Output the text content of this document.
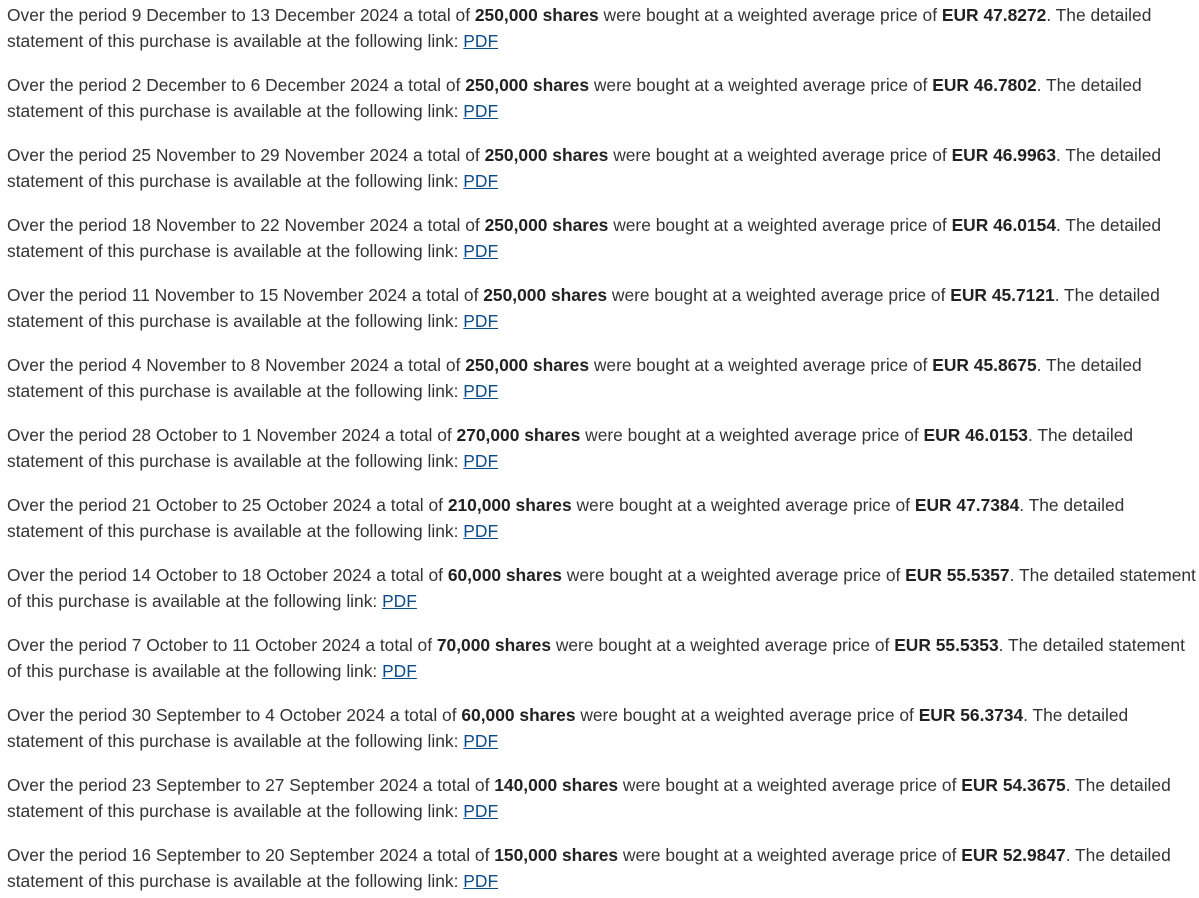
Over the period 9 December to 13 December 2024 a total of 250,000 shares were bought at a weighted average price of EUR 47.8272. The detailed statement of this purchase is available at the following link: PDF

Over the period 2 December to 6 December 2024 a total of 250,000 shares were bought at a weighted average price of EUR 46.7802. The detailed statement of this purchase is available at the following link: PDF

Over the period 25 November to 29 November 2024 a total of 250,000 shares were bought at a weighted average price of EUR 46.9963. The detailed statement of this purchase is available at the following link: PDF

Over the period 18 November to 22 November 2024 a total of 250,000 shares were bought at a weighted average price of EUR 46.0154. The detailed statement of this purchase is available at the following link: PDF

Over the period 11 November to 15 November 2024 a total of 250,000 shares were bought at a weighted average price of EUR 45.7121. The detailed statement of this purchase is available at the following link: PDF

Over the period 4 November to 8 November 2024 a total of 250,000 shares were bought at a weighted average price of EUR 45.8675. The detailed statement of this purchase is available at the following link: PDF

Over the period 28 October to 1 November 2024 a total of 270,000 shares were bought at a weighted average price of EUR 46.0153. The detailed statement of this purchase is available at the following link: PDF

Over the period 21 October to 25 October 2024 a total of 210,000 shares were bought at a weighted average price of EUR 47.7384. The detailed statement of this purchase is available at the following link: PDF

Over the period 14 October to 18 October 2024 a total of 60,000 shares were bought at a weighted average price of EUR 55.5357. The detailed statement of this purchase is available at the following link: PDF

Over the period 7 October to 11 October 2024 a total of 70,000 shares were bought at a weighted average price of EUR 55.5353. The detailed statement of this purchase is available at the following link: PDF

Over the period 30 September to 4 October 2024 a total of 60,000 shares were bought at a weighted average price of EUR 56.3734. The detailed statement of this purchase is available at the following link: PDF

Over the period 23 September to 27 September 2024 a total of 140,000 shares were bought at a weighted average price of EUR 54.3675. The detailed statement of this purchase is available at the following link: PDF

Over the period 16 September to 20 September 2024 a total of 150,000 shares were bought at a weighted average price of EUR 52.9847. The detailed statement of this purchase is available at the following link: PDF
